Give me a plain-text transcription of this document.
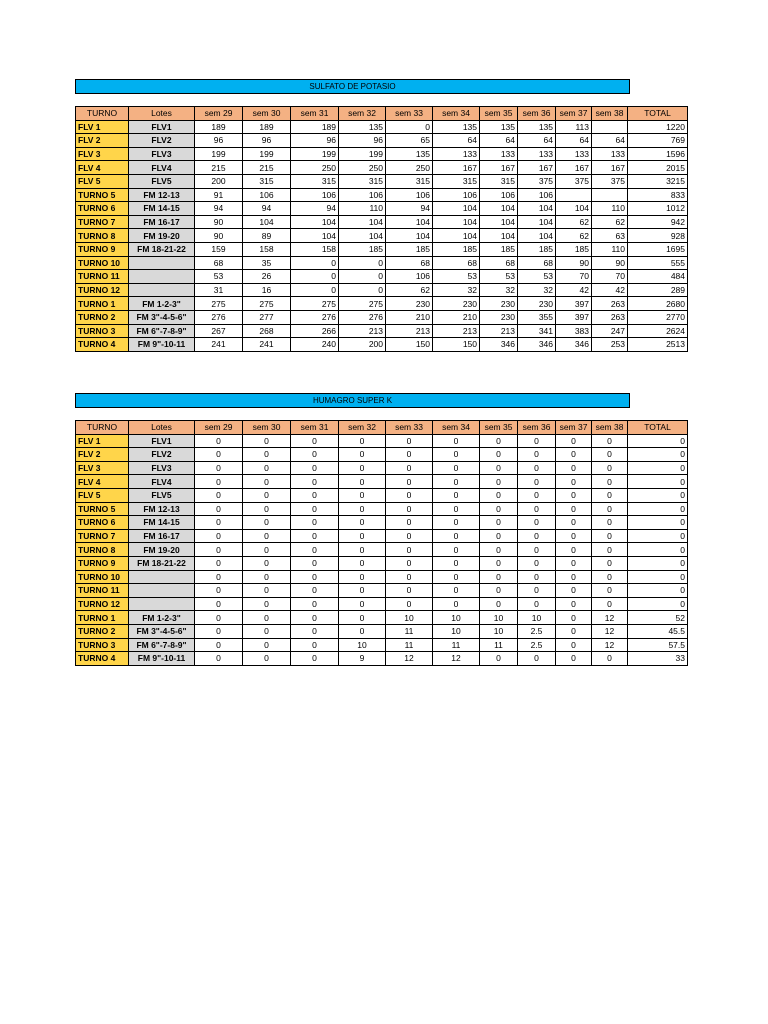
SULFATO DE POTASIO
TURNO	Lotes	sem 29	sem 30	sem 31	sem 32	sem 33	sem 34	sem 35	sem 36	sem 37	sem 38	TOTAL
FLV 1	FLV1	189	189	189	135	0	135	135	135	113		1220
FLV 2	FLV2	96	96	96	96	65	64	64	64	64	64	769
FLV 3	FLV3	199	199	199	199	135	133	133	133	133	133	1596
FLV 4	FLV4	215	215	250	250	250	167	167	167	167	167	2015
FLV 5	FLV5	200	315	315	315	315	315	315	375	375	375	3215
TURNO 5	FM 12-13	91	106	106	106	106	106	106	106			833
TURNO 6	FM 14-15	94	94	94	110	94	104	104	104	104	110	1012
TURNO 7	FM 16-17	90	104	104	104	104	104	104	104	62	62	942
TURNO 8	FM 19-20	90	89	104	104	104	104	104	104	62	63	928
TURNO 9	FM 18-21-22	159	158	158	185	185	185	185	185	185	110	1695
TURNO 10		68	35	0	0	68	68	68	68	90	90	555
TURNO 11		53	26	0	0	106	53	53	53	70	70	484
TURNO 12		31	16	0	0	62	32	32	32	42	42	289
TURNO 1	FM 1-2-3"	275	275	275	275	230	230	230	230	397	263	2680
TURNO 2	FM 3"-4-5-6"	276	277	276	276	210	210	230	355	397	263	2770
TURNO 3	FM 6"-7-8-9"	267	268	266	213	213	213	213	341	383	247	2624
TURNO 4	FM 9"-10-11	241	241	240	200	150	150	346	346	346	253	2513
HUMAGRO SUPER K
TURNO	Lotes	sem 29	sem 30	sem 31	sem 32	sem 33	sem 34	sem 35	sem 36	sem 37	sem 38	TOTAL
FLV 1	FLV1	0	0	0	0	0	0	0	0	0	0	0
FLV 2	FLV2	0	0	0	0	0	0	0	0	0	0	0
FLV 3	FLV3	0	0	0	0	0	0	0	0	0	0	0
FLV 4	FLV4	0	0	0	0	0	0	0	0	0	0	0
FLV 5	FLV5	0	0	0	0	0	0	0	0	0	0	0
TURNO 5	FM 12-13	0	0	0	0	0	0	0	0	0	0	0
TURNO 6	FM 14-15	0	0	0	0	0	0	0	0	0	0	0
TURNO 7	FM 16-17	0	0	0	0	0	0	0	0	0	0	0
TURNO 8	FM 19-20	0	0	0	0	0	0	0	0	0	0	0
TURNO 9	FM 18-21-22	0	0	0	0	0	0	0	0	0	0	0
TURNO 10		0	0	0	0	0	0	0	0	0	0	0
TURNO 11		0	0	0	0	0	0	0	0	0	0	0
TURNO 12		0	0	0	0	0	0	0	0	0	0	0
TURNO 1	FM 1-2-3"	0	0	0	0	10	10	10	10	0	12	52
TURNO 2	FM 3"-4-5-6"	0	0	0	0	11	10	10	2.5	0	12	45.5
TURNO 3	FM 6"-7-8-9"	0	0	0	10	11	11	11	2.5	0	12	57.5
TURNO 4	FM 9"-10-11	0	0	0	9	12	12	0	0	0	0	33
